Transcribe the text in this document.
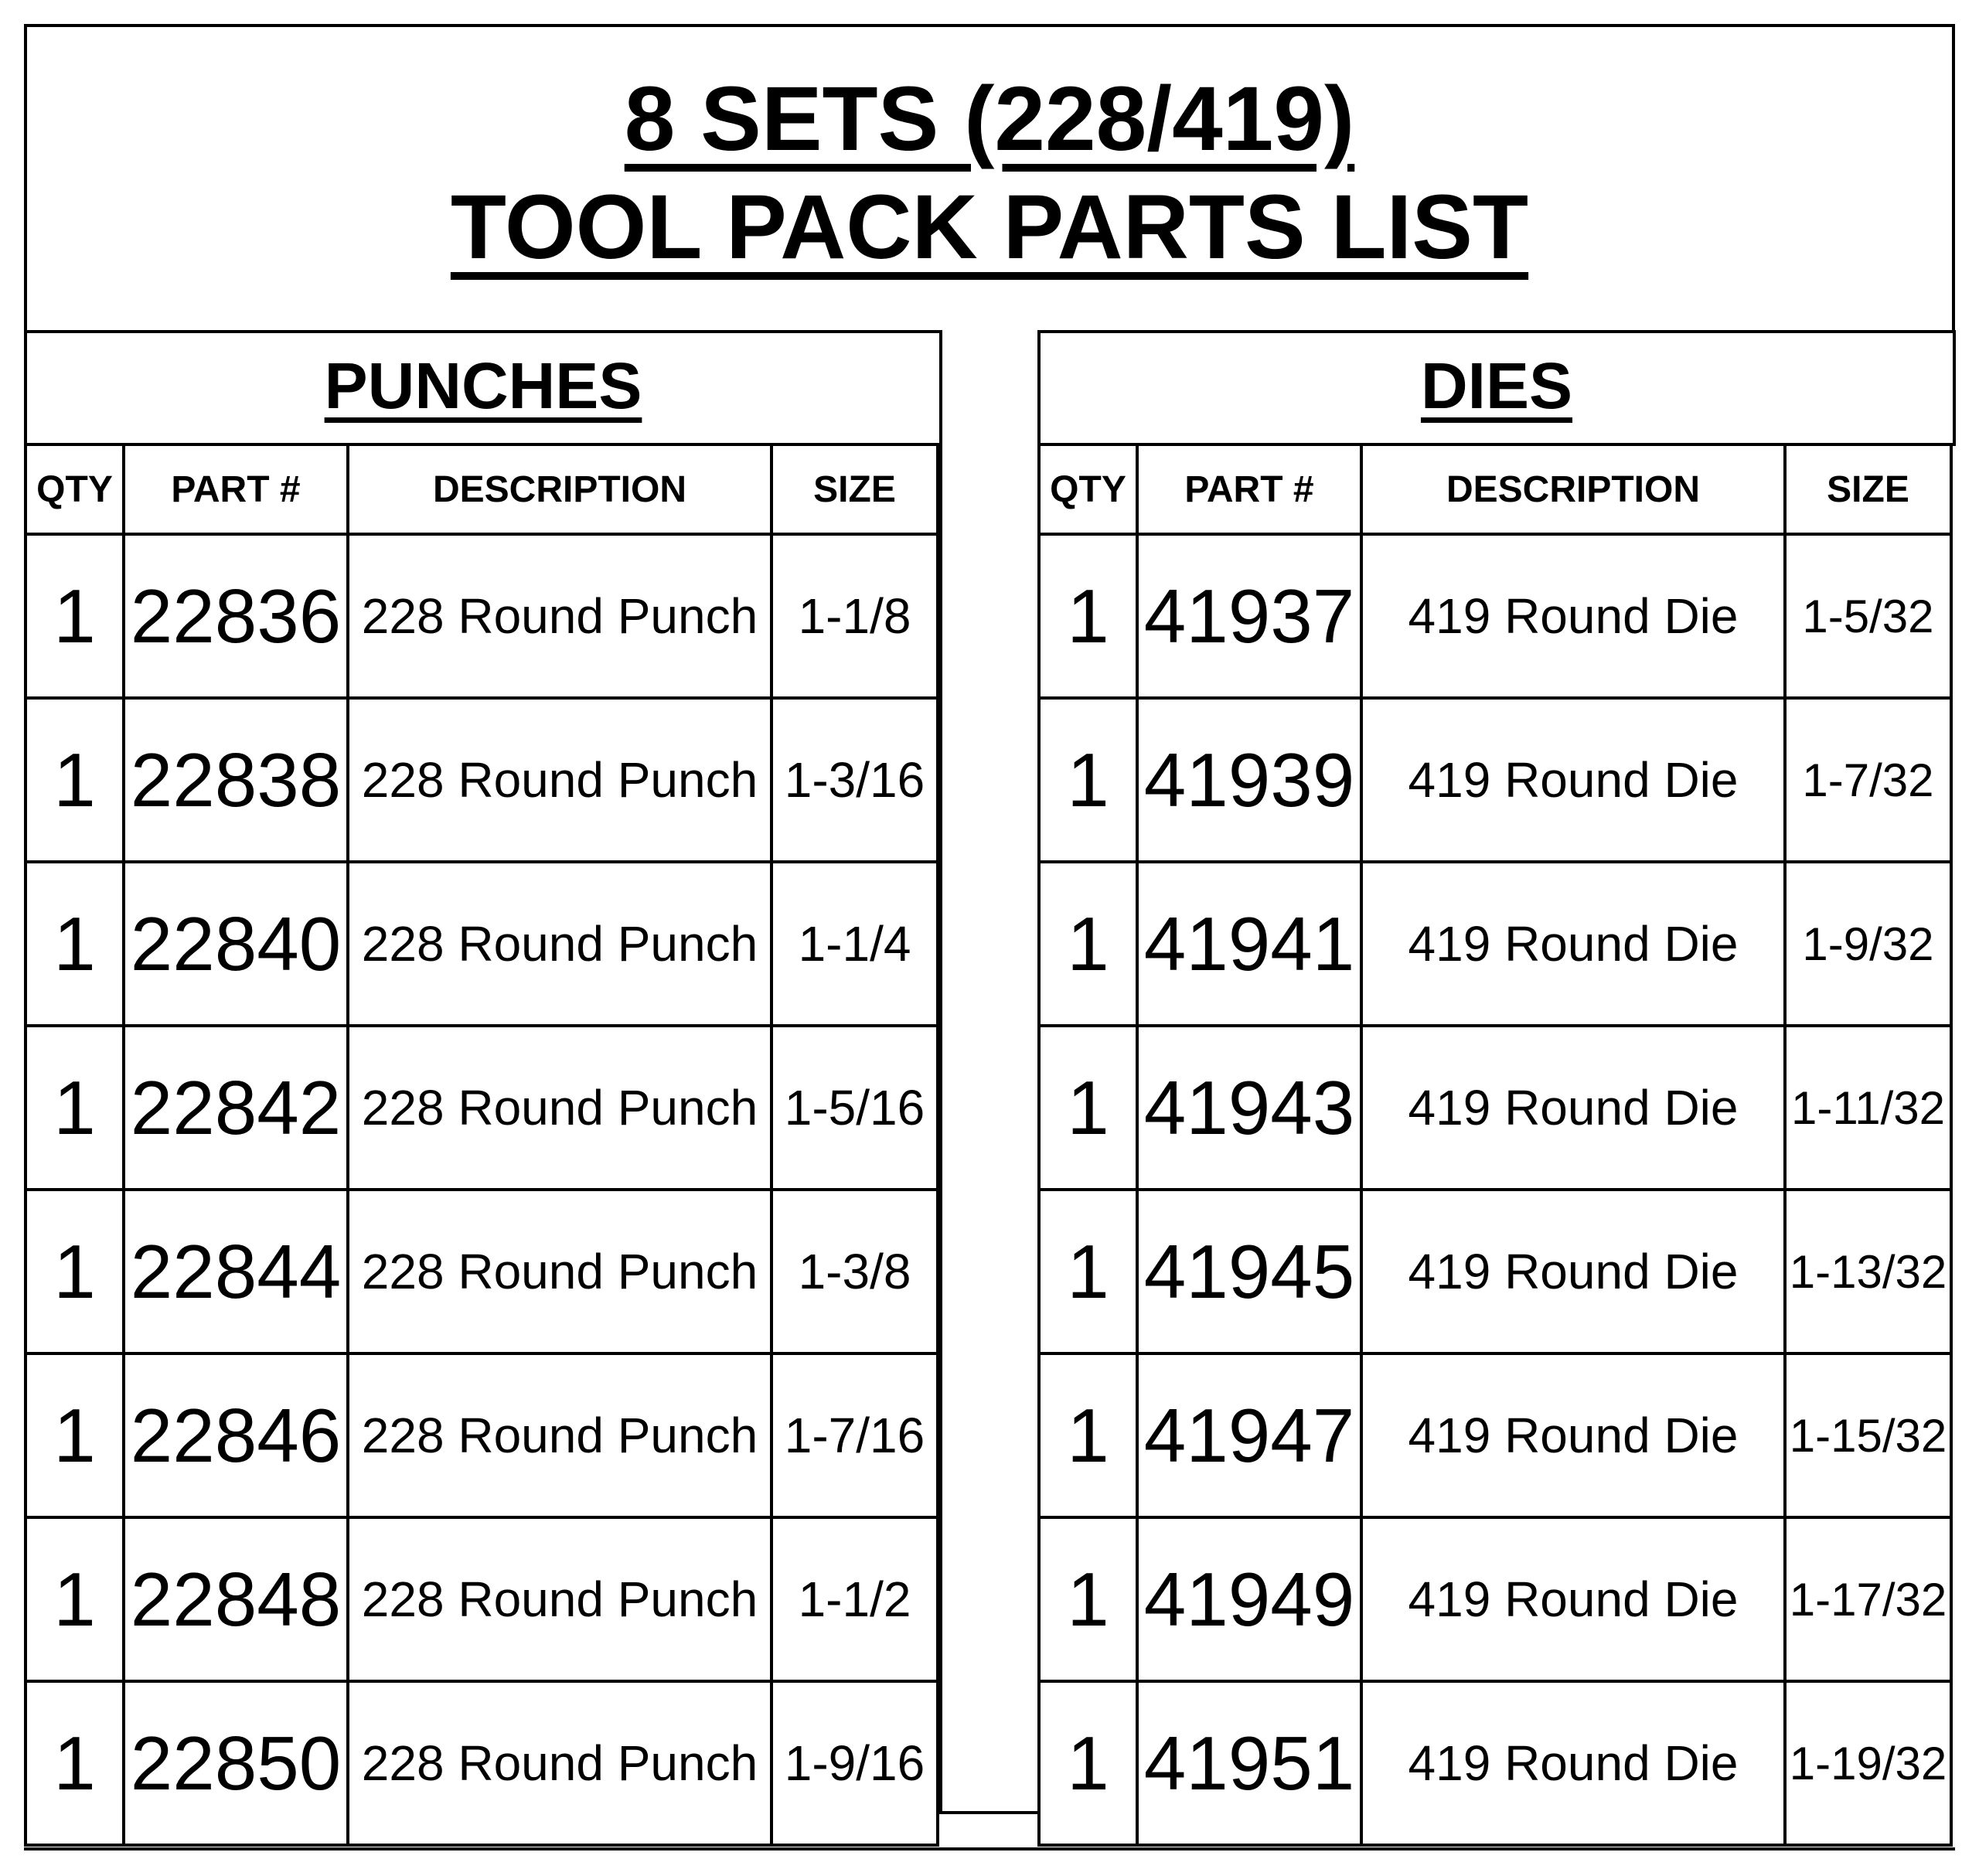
8 SETS (228/419)
TOOL PACK PARTS LIST
PUNCHES
QTY	PART #	DESCRIPTION	SIZE
1	22836	228 Round Punch	1-1/8
1	22838	228 Round Punch	1-3/16
1	22840	228 Round Punch	1-1/4
1	22842	228 Round Punch	1-5/16
1	22844	228 Round Punch	1-3/8
1	22846	228 Round Punch	1-7/16
1	22848	228 Round Punch	1-1/2
1	22850	228 Round Punch	1-9/16
DIES
QTY	PART #	DESCRIPTION	SIZE
1	41937	419 Round Die	1-5/32
1	41939	419 Round Die	1-7/32
1	41941	419 Round Die	1-9/32
1	41943	419 Round Die	1-11/32
1	41945	419 Round Die	1-13/32
1	41947	419 Round Die	1-15/32
1	41949	419 Round Die	1-17/32
1	41951	419 Round Die	1-19/32
